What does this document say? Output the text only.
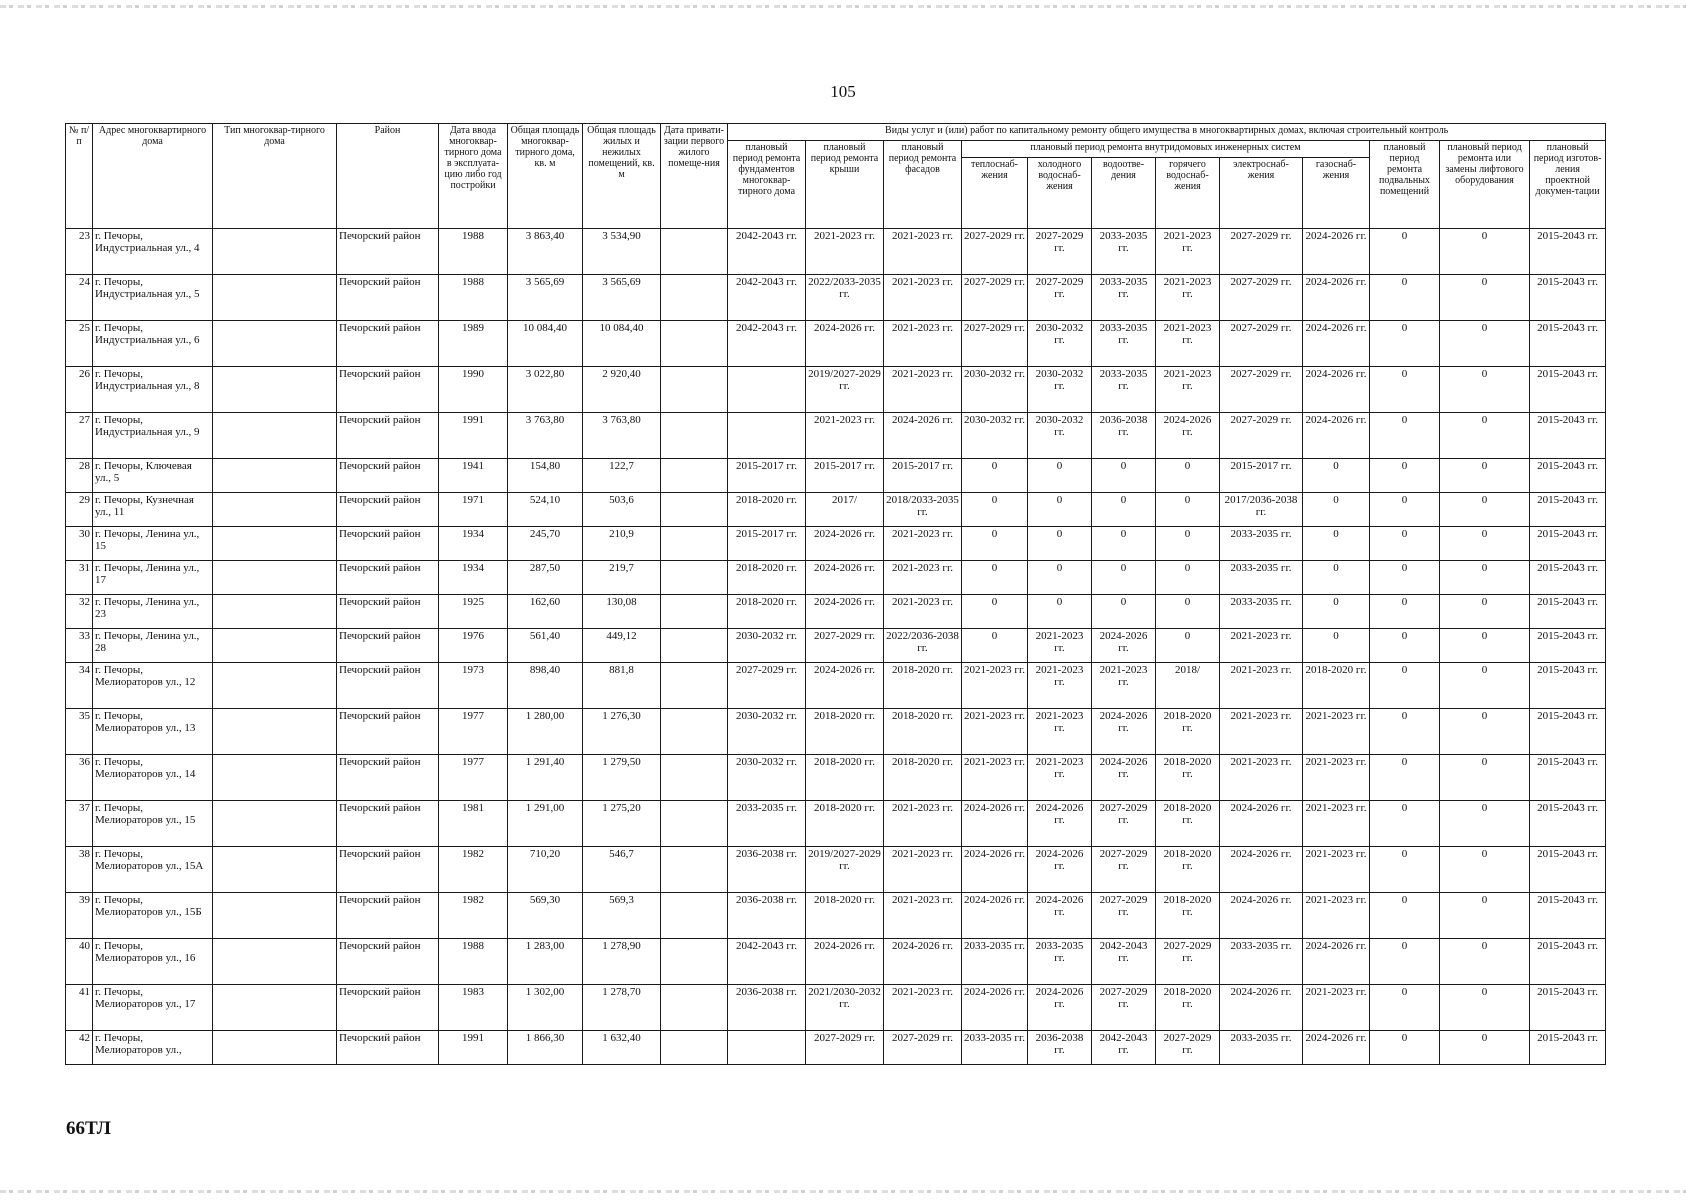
105
№ п/п	Адрес многоквартирного дома	Тип многоквар-тирного дома	Район	Дата ввода многоквар-тирного дома в эксплуата-цию либо год постройки	Общая площадь многоквар-тирного дома, кв. м	Общая площадь жилых и нежилых помещений, кв. м	Дата привати-зации первого жилого помеще-ния	Виды услуг и (или) работ по капитальному ремонту общего имущества в многоквартирных домах, включая строительный контроль											
								плановый период ремонта фундаментов многоквар-тирного дома	плановый период ремонта крыши	плановый период ремонта фасадов	плановый период ремонта внутридомовых инженерных систем						плановый период ремонта подвальных помещений	плановый период ремонта или замены лифтового оборудования	плановый период изготов-ления проектной докумен-тации
											теплоснаб-жения	холодного водоснаб-жения	водоотве-дения	горячего водоснаб-жения	электроснаб-жения	газоснаб-жения			
23	г. Печоры, Индустриальная ул., 4		Печорский район	1988	3 863,40	3 534,90		2042-2043 гг.	2021-2023 гг.	2021-2023 гг.	2027-2029 гг.	2027-2029 гг.	2033-2035 гг.	2021-2023 гг.	2027-2029 гг.	2024-2026 гг.	0	0	2015-2043 гг.
24	г. Печоры, Индустриальная ул., 5		Печорский район	1988	3 565,69	3 565,69		2042-2043 гг.	2022/2033-2035 гг.	2021-2023 гг.	2027-2029 гг.	2027-2029 гг.	2033-2035 гг.	2021-2023 гг.	2027-2029 гг.	2024-2026 гг.	0	0	2015-2043 гг.
25	г. Печоры, Индустриальная ул., 6		Печорский район	1989	10 084,40	10 084,40		2042-2043 гг.	2024-2026 гг.	2021-2023 гг.	2027-2029 гг.	2030-2032 гг.	2033-2035 гг.	2021-2023 гг.	2027-2029 гг.	2024-2026 гг.	0	0	2015-2043 гг.
26	г. Печоры, Индустриальная ул., 8		Печорский район	1990	3 022,80	2 920,40			2019/2027-2029 гг.	2021-2023 гг.	2030-2032 гг.	2030-2032 гг.	2033-2035 гг.	2021-2023 гг.	2027-2029 гг.	2024-2026 гг.	0	0	2015-2043 гг.
27	г. Печоры, Индустриальная ул., 9		Печорский район	1991	3 763,80	3 763,80			2021-2023 гг.	2024-2026 гг.	2030-2032 гг.	2030-2032 гг.	2036-2038 гг.	2024-2026 гг.	2027-2029 гг.	2024-2026 гг.	0	0	2015-2043 гг.
28	г. Печоры, Ключевая ул., 5		Печорский район	1941	154,80	122,7		2015-2017 гг.	2015-2017 гг.	2015-2017 гг.	0	0	0	0	2015-2017 гг.	0	0	0	2015-2043 гг.
29	г. Печоры, Кузнечная ул., 11		Печорский район	1971	524,10	503,6		2018-2020 гг.	2017/	2018/2033-2035 гг.	0	0	0	0	2017/2036-2038 гг.	0	0	0	2015-2043 гг.
30	г. Печоры, Ленина ул., 15		Печорский район	1934	245,70	210,9		2015-2017 гг.	2024-2026 гг.	2021-2023 гг.	0	0	0	0	2033-2035 гг.	0	0	0	2015-2043 гг.
31	г. Печоры, Ленина ул., 17		Печорский район	1934	287,50	219,7		2018-2020 гг.	2024-2026 гг.	2021-2023 гг.	0	0	0	0	2033-2035 гг.	0	0	0	2015-2043 гг.
32	г. Печоры, Ленина ул., 23		Печорский район	1925	162,60	130,08		2018-2020 гг.	2024-2026 гг.	2021-2023 гг.	0	0	0	0	2033-2035 гг.	0	0	0	2015-2043 гг.
33	г. Печоры, Ленина ул., 28		Печорский район	1976	561,40	449,12		2030-2032 гг.	2027-2029 гг.	2022/2036-2038 гг.	0	2021-2023 гг.	2024-2026 гг.	0	2021-2023 гг.	0	0	0	2015-2043 гг.
34	г. Печоры, Мелиораторов ул., 12		Печорский район	1973	898,40	881,8		2027-2029 гг.	2024-2026 гг.	2018-2020 гг.	2021-2023 гг.	2021-2023 гг.	2021-2023 гг.	2018/	2021-2023 гг.	2018-2020 гг.	0	0	2015-2043 гг.
35	г. Печоры, Мелиораторов ул., 13		Печорский район	1977	1 280,00	1 276,30		2030-2032 гг.	2018-2020 гг.	2018-2020 гг.	2021-2023 гг.	2021-2023 гг.	2024-2026 гг.	2018-2020 гг.	2021-2023 гг.	2021-2023 гг.	0	0	2015-2043 гг.
36	г. Печоры, Мелиораторов ул., 14		Печорский район	1977	1 291,40	1 279,50		2030-2032 гг.	2018-2020 гг.	2018-2020 гг.	2021-2023 гг.	2021-2023 гг.	2024-2026 гг.	2018-2020 гг.	2021-2023 гг.	2021-2023 гг.	0	0	2015-2043 гг.
37	г. Печоры, Мелиораторов ул., 15		Печорский район	1981	1 291,00	1 275,20		2033-2035 гг.	2018-2020 гг.	2021-2023 гг.	2024-2026 гг.	2024-2026 гг.	2027-2029 гг.	2018-2020 гг.	2024-2026 гг.	2021-2023 гг.	0	0	2015-2043 гг.
38	г. Печоры, Мелиораторов ул., 15А		Печорский район	1982	710,20	546,7		2036-2038 гг.	2019/2027-2029 гг.	2021-2023 гг.	2024-2026 гг.	2024-2026 гг.	2027-2029 гг.	2018-2020 гг.	2024-2026 гг.	2021-2023 гг.	0	0	2015-2043 гг.
39	г. Печоры, Мелиораторов ул., 15Б		Печорский район	1982	569,30	569,3		2036-2038 гг.	2018-2020 гг.	2021-2023 гг.	2024-2026 гг.	2024-2026 гг.	2027-2029 гг.	2018-2020 гг.	2024-2026 гг.	2021-2023 гг.	0	0	2015-2043 гг.
40	г. Печоры, Мелиораторов ул., 16		Печорский район	1988	1 283,00	1 278,90		2042-2043 гг.	2024-2026 гг.	2024-2026 гг.	2033-2035 гг.	2033-2035 гг.	2042-2043 гг.	2027-2029 гг.	2033-2035 гг.	2024-2026 гг.	0	0	2015-2043 гг.
41	г. Печоры, Мелиораторов ул., 17		Печорский район	1983	1 302,00	1 278,70		2036-2038 гг.	2021/2030-2032 гг.	2021-2023 гг.	2024-2026 гг.	2024-2026 гг.	2027-2029 гг.	2018-2020 гг.	2024-2026 гг.	2021-2023 гг.	0	0	2015-2043 гг.
42	г. Печоры, Мелиораторов ул.,		Печорский район	1991	1 866,30	1 632,40			2027-2029 гг.	2027-2029 гг.	2033-2035 гг.	2036-2038 гг.	2042-2043 гг.	2027-2029 гг.	2033-2035 гг.	2024-2026 гг.	0	0	2015-2043 гг.
66ТЛ
